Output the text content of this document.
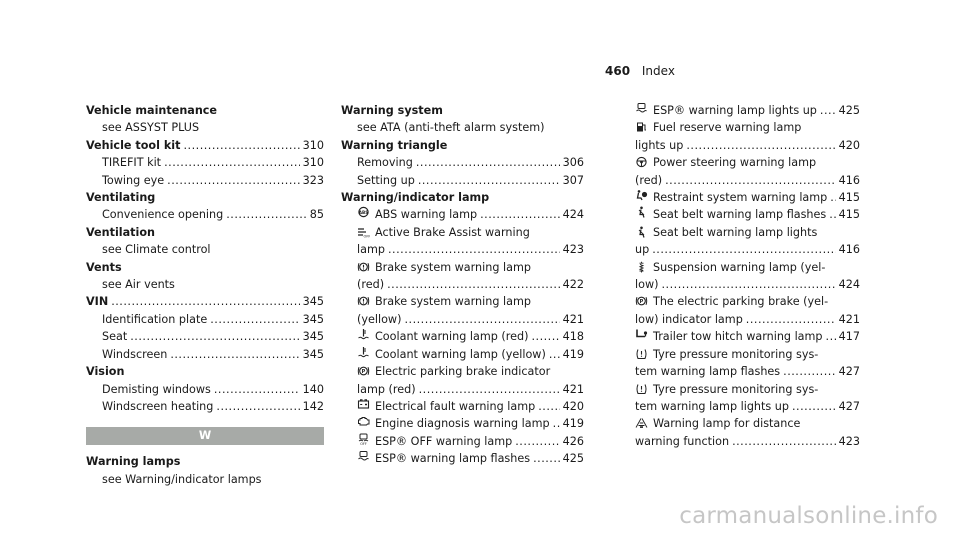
460 Index
Vehicle maintenance
see ASSYST PLUS
Vehicle tool kit .....	310
TIREFIT kit .....	310
Towing eye .....	323
Ventilating
Convenience opening .....	85
Ventilation
see Climate control
Vents
see Air vents
VIN .....	345
Identification plate .....	345
Seat .....	345
Windscreen .....	345
Vision
Demisting windows .....	140
Windscreen heating .....	142
W
Warning lamps
see Warning/indicator lamps
Warning system
see ATA (anti-theft alarm system)
Warning triangle
Removing .....	306
Setting up .....	307
Warning/indicator lamp
ABS ABS warning lamp .....	424
OFF Active Brake Assist warning
lamp .....	423
Brake system warning lamp
(red) .....	422
Brake system warning lamp
(yellow) .....	421
Coolant warning lamp (red) .....	418
Coolant warning lamp (yellow) ..... 419
P Electric parking brake indicator
lamp (red) .....	421
Electrical fault warning lamp ..... 420
Engine diagnosis warning lamp ..... 419
OFF ESP® OFF warning lamp .....	426
ESP® warning lamp flashes .....	425
ESP® warning lamp lights up ..... 425
Fuel reserve warning lamp
lights up .....	420
Power steering warning lamp
(red) .....	416
Restraint system warning lamp ..... 415
Seat belt warning lamp flashes ..... 415
Seat belt warning lamp lights
up .....	416
Suspension warning lamp (yel-
low) .....	424
P The electric parking brake (yel-
low) indicator lamp .....	421
Trailer tow hitch warning lamp ..... 417
Tyre pressure monitoring sys-
tem warning lamp flashes .....	427
Tyre pressure monitoring sys-
tem warning lamp lights up .....	427
Warning lamp for distance
warning function .....	423
carmanualsonline.info
